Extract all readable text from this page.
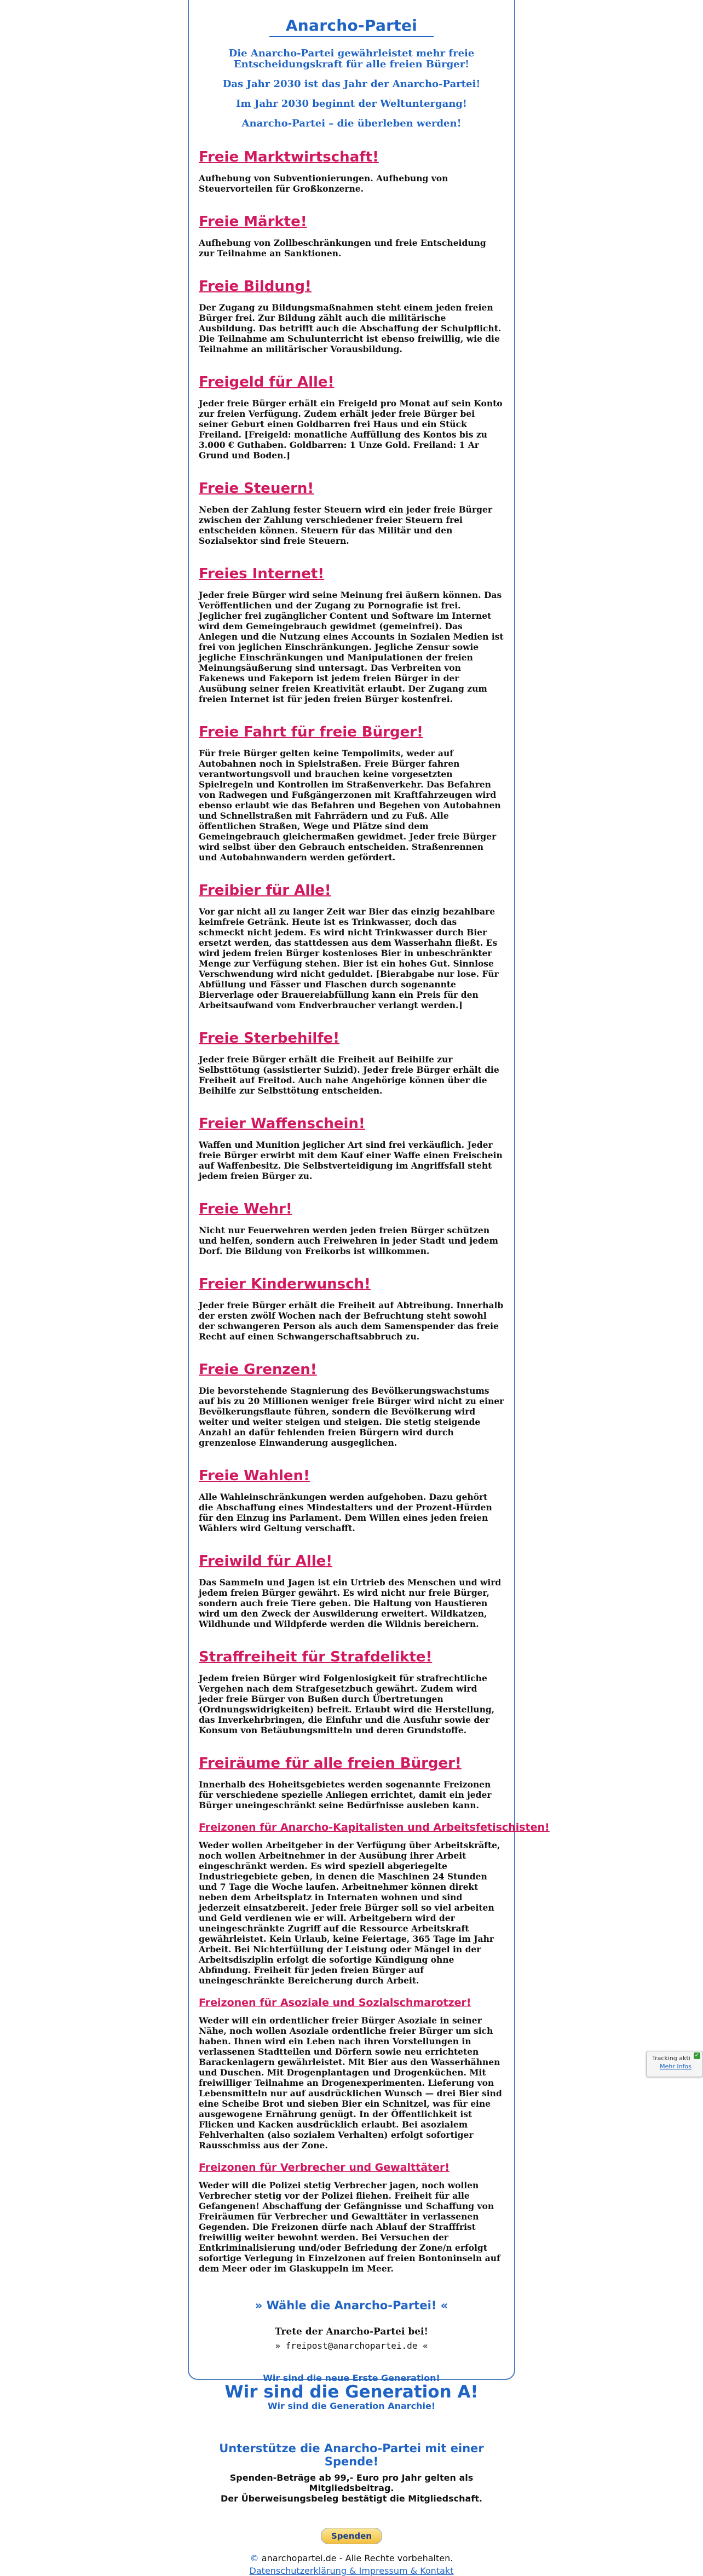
Anarcho-Partei

Die Anarcho-Partei gewährleistet mehr freie Entscheidungskraft für alle freien Bürger!

Das Jahr 2030 ist das Jahr der Anarcho-Partei!

Im Jahr 2030 beginnt der Weltuntergang!

Anarcho-Partei – die überleben werden!

Freie Marktwirtschaft!

Aufhebung von Subventionierungen. Aufhebung von Steuervorteilen für Großkonzerne.

Freie Märkte!

Aufhebung von Zollbeschränkungen und freie Entscheidung zur Teilnahme an Sanktionen.

Freie Bildung!

Der Zugang zu Bildungsmaßnahmen steht einem jeden freien Bürger frei. Zur Bildung zählt auch die militärische Ausbildung. Das betrifft auch die Abschaffung der Schulpflicht. Die Teilnahme am Schulunterricht ist ebenso freiwillig, wie die Teilnahme an militärischer Vorausbildung.

Freigeld für Alle!

Jeder freie Bürger erhält ein Freigeld pro Monat auf sein Konto zur freien Verfügung. Zudem erhält jeder freie Bürger bei seiner Geburt einen Goldbarren frei Haus und ein Stück Freiland. [Freigeld: monatliche Auffüllung des Kontos bis zu 3.000 € Guthaben. Goldbarren: 1 Unze Gold. Freiland: 1 Ar Grund und Boden.]

Freie Steuern!

Neben der Zahlung fester Steuern wird ein jeder freie Bürger zwischen der Zahlung verschiedener freier Steuern frei entscheiden können. Steuern für das Militär und den Sozialsektor sind freie Steuern.

Freies Internet!

Jeder freie Bürger wird seine Meinung frei äußern können. Das Veröffentlichen und der Zugang zu Pornografie ist frei. Jeglicher frei zugänglicher Content und Software im Internet wird dem Gemeingebrauch gewidmet (gemeinfrei). Das Anlegen und die Nutzung eines Accounts in Sozialen Medien ist frei von jeglichen Einschränkungen. Jegliche Zensur sowie jegliche Einschränkungen und Manipulationen der freien Meinungsäußerung sind untersagt. Das Verbreiten von Fakenews und Fakeporn ist jedem freien Bürger in der Ausübung seiner freien Kreativität erlaubt. Der Zugang zum freien Internet ist für jeden freien Bürger kostenfrei.

Freie Fahrt für freie Bürger!

Für freie Bürger gelten keine Tempolimits, weder auf Autobahnen noch in Spielstraßen. Freie Bürger fahren verantwortungsvoll und brauchen keine vorgesetzten Spielregeln und Kontrollen im Straßenverkehr. Das Befahren von Radwegen und Fußgängerzonen mit Kraftfahrzeugen wird ebenso erlaubt wie das Befahren und Begehen von Autobahnen und Schnellstraßen mit Fahrrädern und zu Fuß. Alle öffentlichen Straßen, Wege und Plätze sind dem Gemeingebrauch gleichermaßen gewidmet. Jeder freie Bürger wird selbst über den Gebrauch entscheiden. Straßenrennen und Autobahnwandern werden gefördert.

Freibier für Alle!

Vor gar nicht all zu langer Zeit war Bier das einzig bezahlbare keimfreie Getränk. Heute ist es Trinkwasser, doch das schmeckt nicht jedem. Es wird nicht Trinkwasser durch Bier ersetzt werden, das stattdessen aus dem Wasserhahn fließt. Es wird jedem freien Bürger kostenloses Bier in unbeschränkter Menge zur Verfügung stehen. Bier ist ein hohes Gut. Sinnlose Verschwendung wird nicht geduldet. [Bierabgabe nur lose. Für Abfüllung und Fässer und Flaschen durch sogenannte Bierverlage oder Brauereiabfüllung kann ein Preis für den Arbeitsaufwand vom Endverbraucher verlangt werden.]

Freie Sterbehilfe!

Jeder freie Bürger erhält die Freiheit auf Beihilfe zur Selbsttötung (assistierter Suizid). Jeder freie Bürger erhält die Freiheit auf Freitod. Auch nahe Angehörige können über die Beihilfe zur Selbsttötung entscheiden.

Freier Waffenschein!

Waffen und Munition jeglicher Art sind frei verkäuflich. Jeder freie Bürger erwirbt mit dem Kauf einer Waffe einen Freischein auf Waffenbesitz. Die Selbstverteidigung im Angriffsfall steht jedem freien Bürger zu.

Freie Wehr!

Nicht nur Feuerwehren werden jeden freien Bürger schützen und helfen, sondern auch Freiwehren in jeder Stadt und jedem Dorf. Die Bildung von Freikorbs ist willkommen.

Freier Kinderwunsch!

Jeder freie Bürger erhält die Freiheit auf Abtreibung. Innerhalb der ersten zwölf Wochen nach der Befruchtung steht sowohl der schwangeren Person als auch dem Samenspender das freie Recht auf einen Schwangerschaftsabbruch zu.

Freie Grenzen!

Die bevorstehende Stagnierung des Bevölkerungswachstums auf bis zu 20 Millionen weniger freie Bürger wird nicht zu einer Bevölkerungsflaute führen, sondern die Bevölkerung wird weiter und weiter steigen und steigen. Die stetig steigende Anzahl an dafür fehlenden freien Bürgern wird durch grenzenlose Einwanderung ausgeglichen.

Freie Wahlen!

Alle Wahleinschränkungen werden aufgehoben. Dazu gehört die Abschaffung eines Mindestalters und der Prozent-Hürden für den Einzug ins Parlament. Dem Willen eines jeden freien Wählers wird Geltung verschafft.

Freiwild für Alle!

Das Sammeln und Jagen ist ein Urtrieb des Menschen und wird jedem freien Bürger gewährt. Es wird nicht nur freie Bürger, sondern auch freie Tiere geben. Die Haltung von Haustieren wird um den Zweck der Auswilderung erweitert. Wildkatzen, Wildhunde und Wildpferde werden die Wildnis bereichern.

Straffreiheit für Strafdelikte!

Jedem freien Bürger wird Folgenlosigkeit für strafrechtliche Vergehen nach dem Strafgesetzbuch gewährt. Zudem wird jeder freie Bürger von Bußen durch Übertretungen (Ordnungswidrigkeiten) befreit. Erlaubt wird die Herstellung, das Inverkehrbringen, die Einfuhr und die Ausfuhr sowie der Konsum von Betäubungsmitteln und deren Grundstoffe.

Freiräume für alle freien Bürger!

Innerhalb des Hoheitsgebietes werden sogenannte Freizonen für verschiedene spezielle Anliegen errichtet, damit ein jeder Bürger uneingeschränkt seine Bedürfnisse ausleben kann.

Freizonen für Anarcho-Kapitalisten und Arbeitsfetischisten!

Weder wollen Arbeitgeber in der Verfügung über Arbeitskräfte, noch wollen Arbeitnehmer in der Ausübung ihrer Arbeit eingeschränkt werden. Es wird speziell abgeriegelte Industriegebiete geben, in denen die Maschinen 24 Stunden und 7 Tage die Woche laufen. Arbeitnehmer können direkt neben dem Arbeitsplatz in Internaten wohnen und sind jederzeit einsatzbereit. Jeder freie Bürger soll so viel arbeiten und Geld verdienen wie er will. Arbeitgebern wird der uneingeschränkte Zugriff auf die Ressource Arbeitskraft gewährleistet. Kein Urlaub, keine Feiertage, 365 Tage im Jahr Arbeit. Bei Nichterfüllung der Leistung oder Mängel in der Arbeitsdisziplin erfolgt die sofortige Kündigung ohne Abfindung. Freiheit für jeden freien Bürger auf uneingeschränkte Bereicherung durch Arbeit.

Freizonen für Asoziale und Sozialschmarotzer!

Weder will ein ordentlicher freier Bürger Asoziale in seiner Nähe, noch wollen Asoziale ordentliche freier Bürger um sich haben. Ihnen wird ein Leben nach ihren Vorstellungen in verlassenen Stadtteilen und Dörfern sowie neu errichteten Barackenlagern gewährleistet. Mit Bier aus den Wasserhähnen und Duschen. Mit Drogenplantagen und Drogenküchen. Mit freiwilliger Teilnahme an Drogenexperimenten. Lieferung von Lebensmitteln nur auf ausdrücklichen Wunsch — drei Bier sind eine Scheibe Brot und sieben Bier ein Schnitzel, was für eine ausgewogene Ernährung genügt. In der Öffentlichkeit ist Flicken und Kacken ausdrücklich erlaubt. Bei asozialem Fehlverhalten (also sozialem Verhalten) erfolgt sofortiger Rausschmiss aus der Zone.

Freizonen für Verbrecher und Gewalttäter!

Weder will die Polizei stetig Verbrecher jagen, noch wollen Verbrecher stetig vor der Polizei fliehen. Freiheit für alle Gefangenen! Abschaffung der Gefängnisse und Schaffung von Freiräumen für Verbrecher und Gewalttäter in verlassenen Gegenden. Die Freizonen dürfe nach Ablauf der Strafffrist freiwillig weiter bewohnt werden. Bei Versuchen der Entkriminalisierung und/oder Befriedung der Zone/n erfolgt sofortige Verlegung in Einzelzonen auf freien Bontoninseln auf dem Meer oder im Glaskuppeln im Meer.

» Wähle die Anarcho-Partei! «

Trete der Anarcho-Partei bei!

» freipost@anarchopartei.de «

Wir sind die neue Erste Generation!

Wir sind die Generation A!

Wir sind die Generation Anarchie!

Unterstütze die Anarcho-Partei mit einer Spende!

Spenden-Beträge ab 99,- Euro pro Jahr gelten als Mitgliedsbeitrag.

Der Überweisungsbeleg bestätigt die Mitgliedschaft.

Spenden

© anarchopartei.de - Alle Rechte vorbehalten.

Datenschutzerklärung & Impressum & Kontakt

✓
Tracking akti
Mehr Infos
